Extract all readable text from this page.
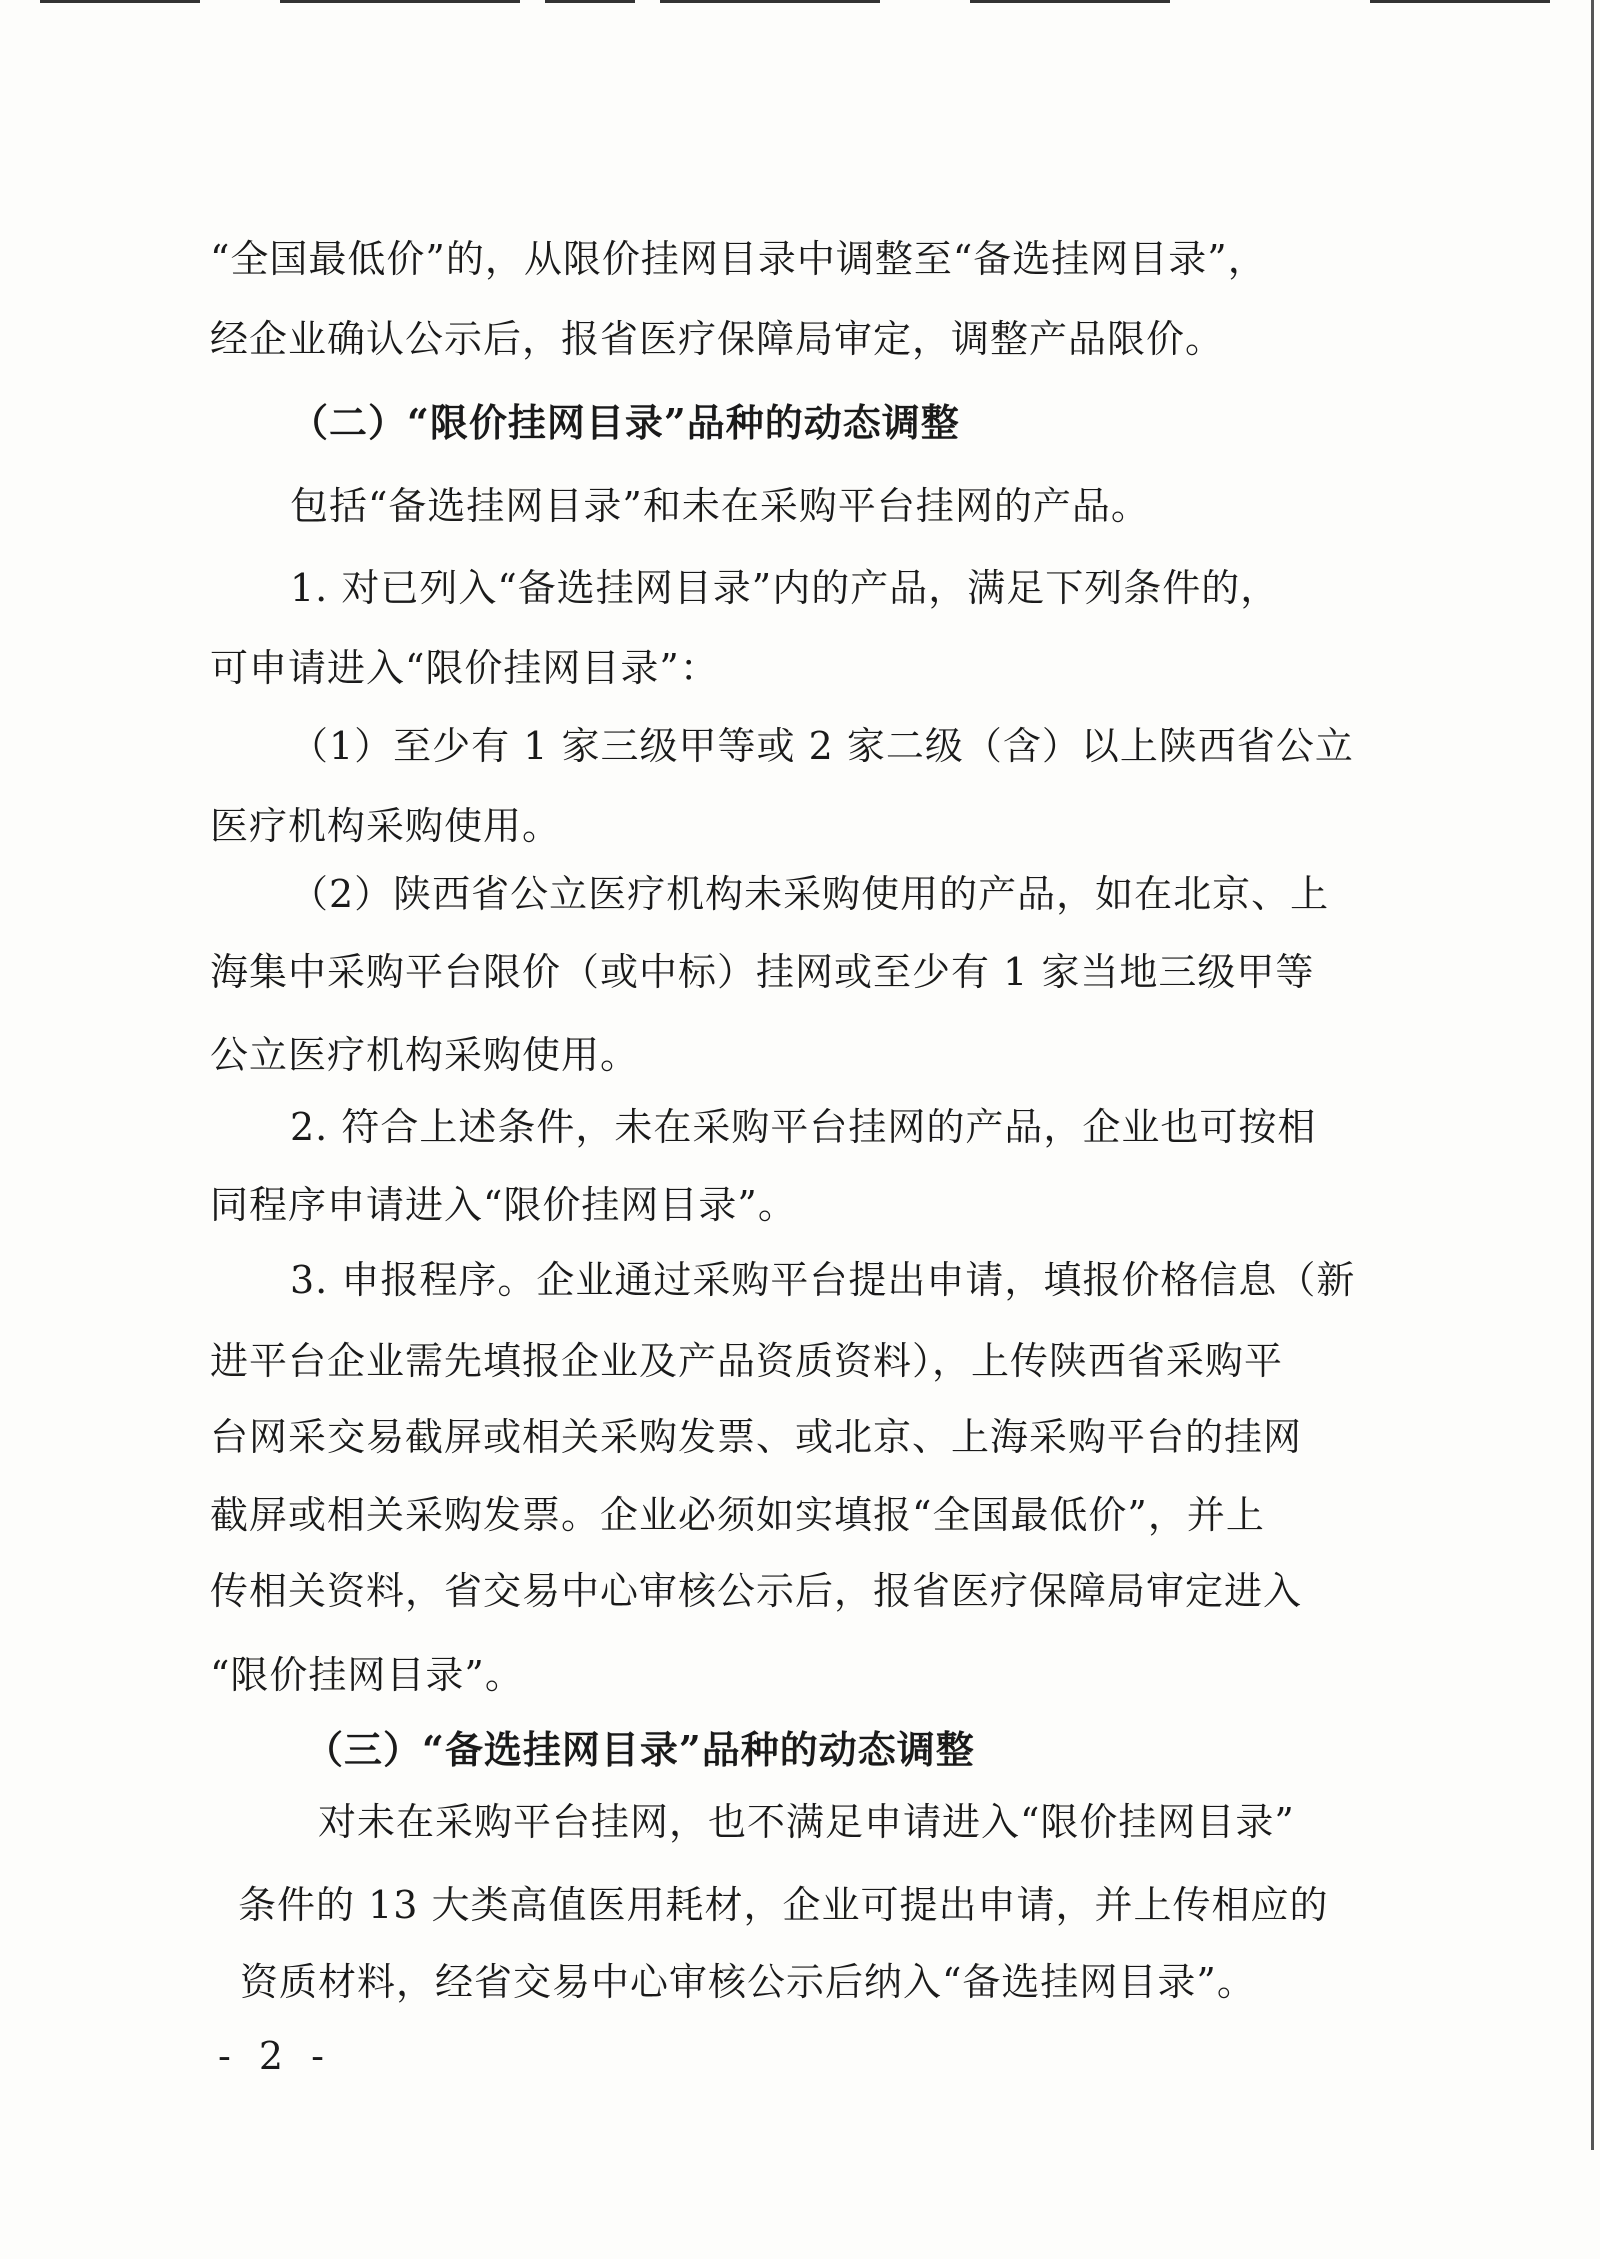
“全国最低价”的，从限价挂网目录中调整至“备选挂网目录”，
经企业确认公示后，报省医疗保障局审定，调整产品限价。
（二）“限价挂网目录”品种的动态调整
包括“备选挂网目录”和未在采购平台挂网的产品。
1. 对已列入“备选挂网目录”内的产品，满足下列条件的，
可申请进入“限价挂网目录”：
（1）至少有 1 家三级甲等或 2 家二级（含）以上陕西省公立
医疗机构采购使用。
（2）陕西省公立医疗机构未采购使用的产品，如在北京、上
海集中采购平台限价（或中标）挂网或至少有 1 家当地三级甲等
公立医疗机构采购使用。
2. 符合上述条件，未在采购平台挂网的产品，企业也可按相
同程序申请进入“限价挂网目录”。
3. 申报程序。企业通过采购平台提出申请，填报价格信息（新
进平台企业需先填报企业及产品资质资料），上传陕西省采购平
台网采交易截屏或相关采购发票、或北京、上海采购平台的挂网
截屏或相关采购发票。企业必须如实填报“全国最低价”，并上
传相关资料，省交易中心审核公示后，报省医疗保障局审定进入
“限价挂网目录”。
（三）“备选挂网目录”品种的动态调整
对未在采购平台挂网，也不满足申请进入“限价挂网目录”
条件的 13 大类高值医用耗材，企业可提出申请，并上传相应的
资质材料，经省交易中心审核公示后纳入“备选挂网目录”。
- 2 -
